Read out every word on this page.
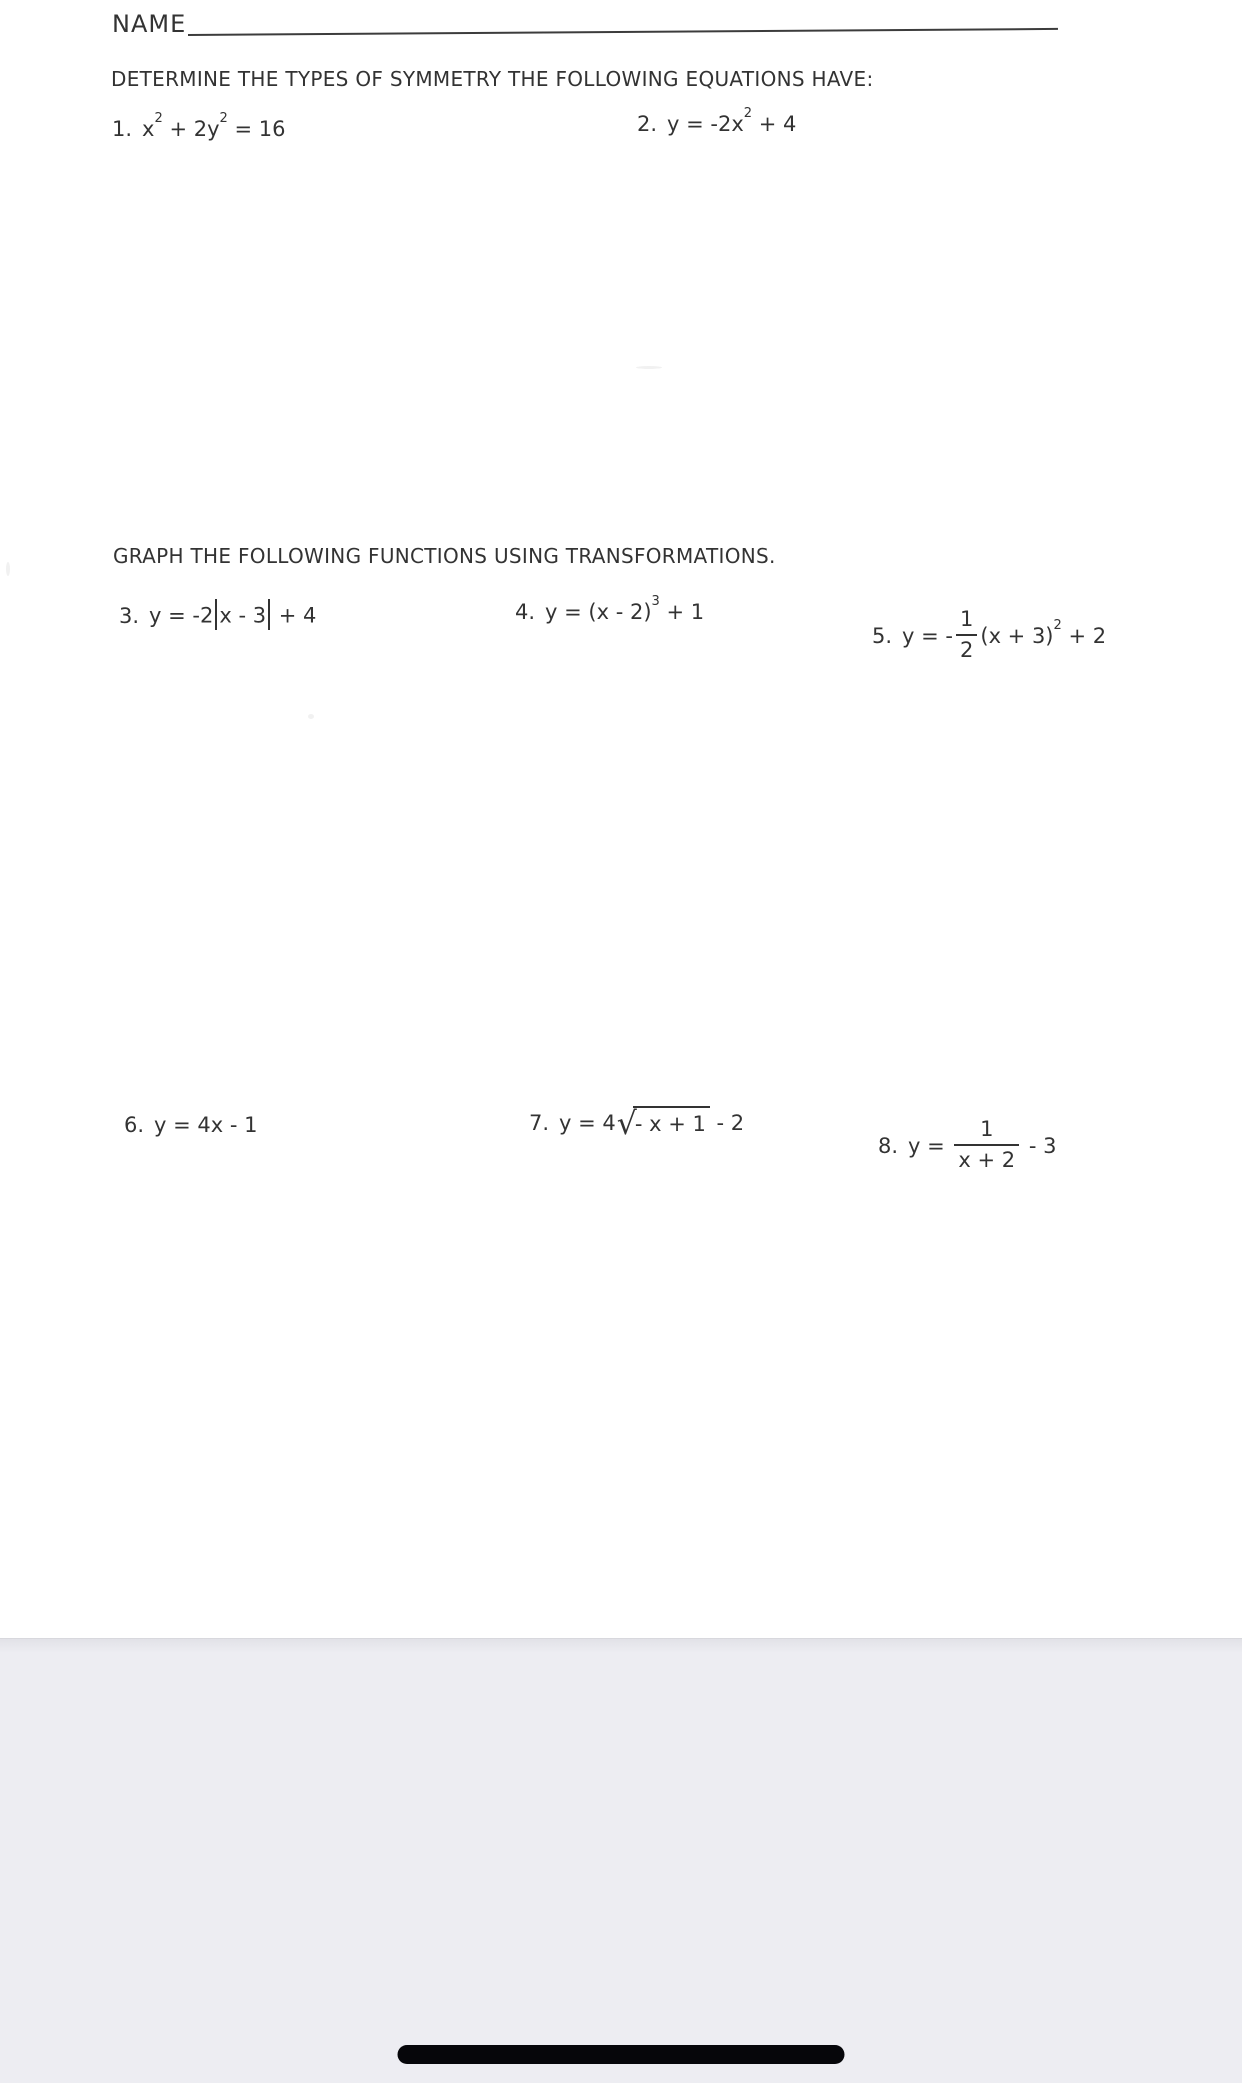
NAME
DETERMINE THE TYPES OF SYMMETRY THE FOLLOWING EQUATIONS HAVE:
1. $x^2 + 2y^2 = 16$	2. $y = -2x^2 + 4$
GRAPH THE FOLLOWING FUNCTIONS USING TRANSFORMATIONS.
3. y = -2 x - 3 + 4	4. y = (x - 2)$^3$ + 1
5. y = - $\frac{1}{2} (x + 3)^2 + 2$
6. y = 4x - 1	7. y = 4 √
- x + 1 - 2
8. $y = \frac{1}{x + 2} - 3$
